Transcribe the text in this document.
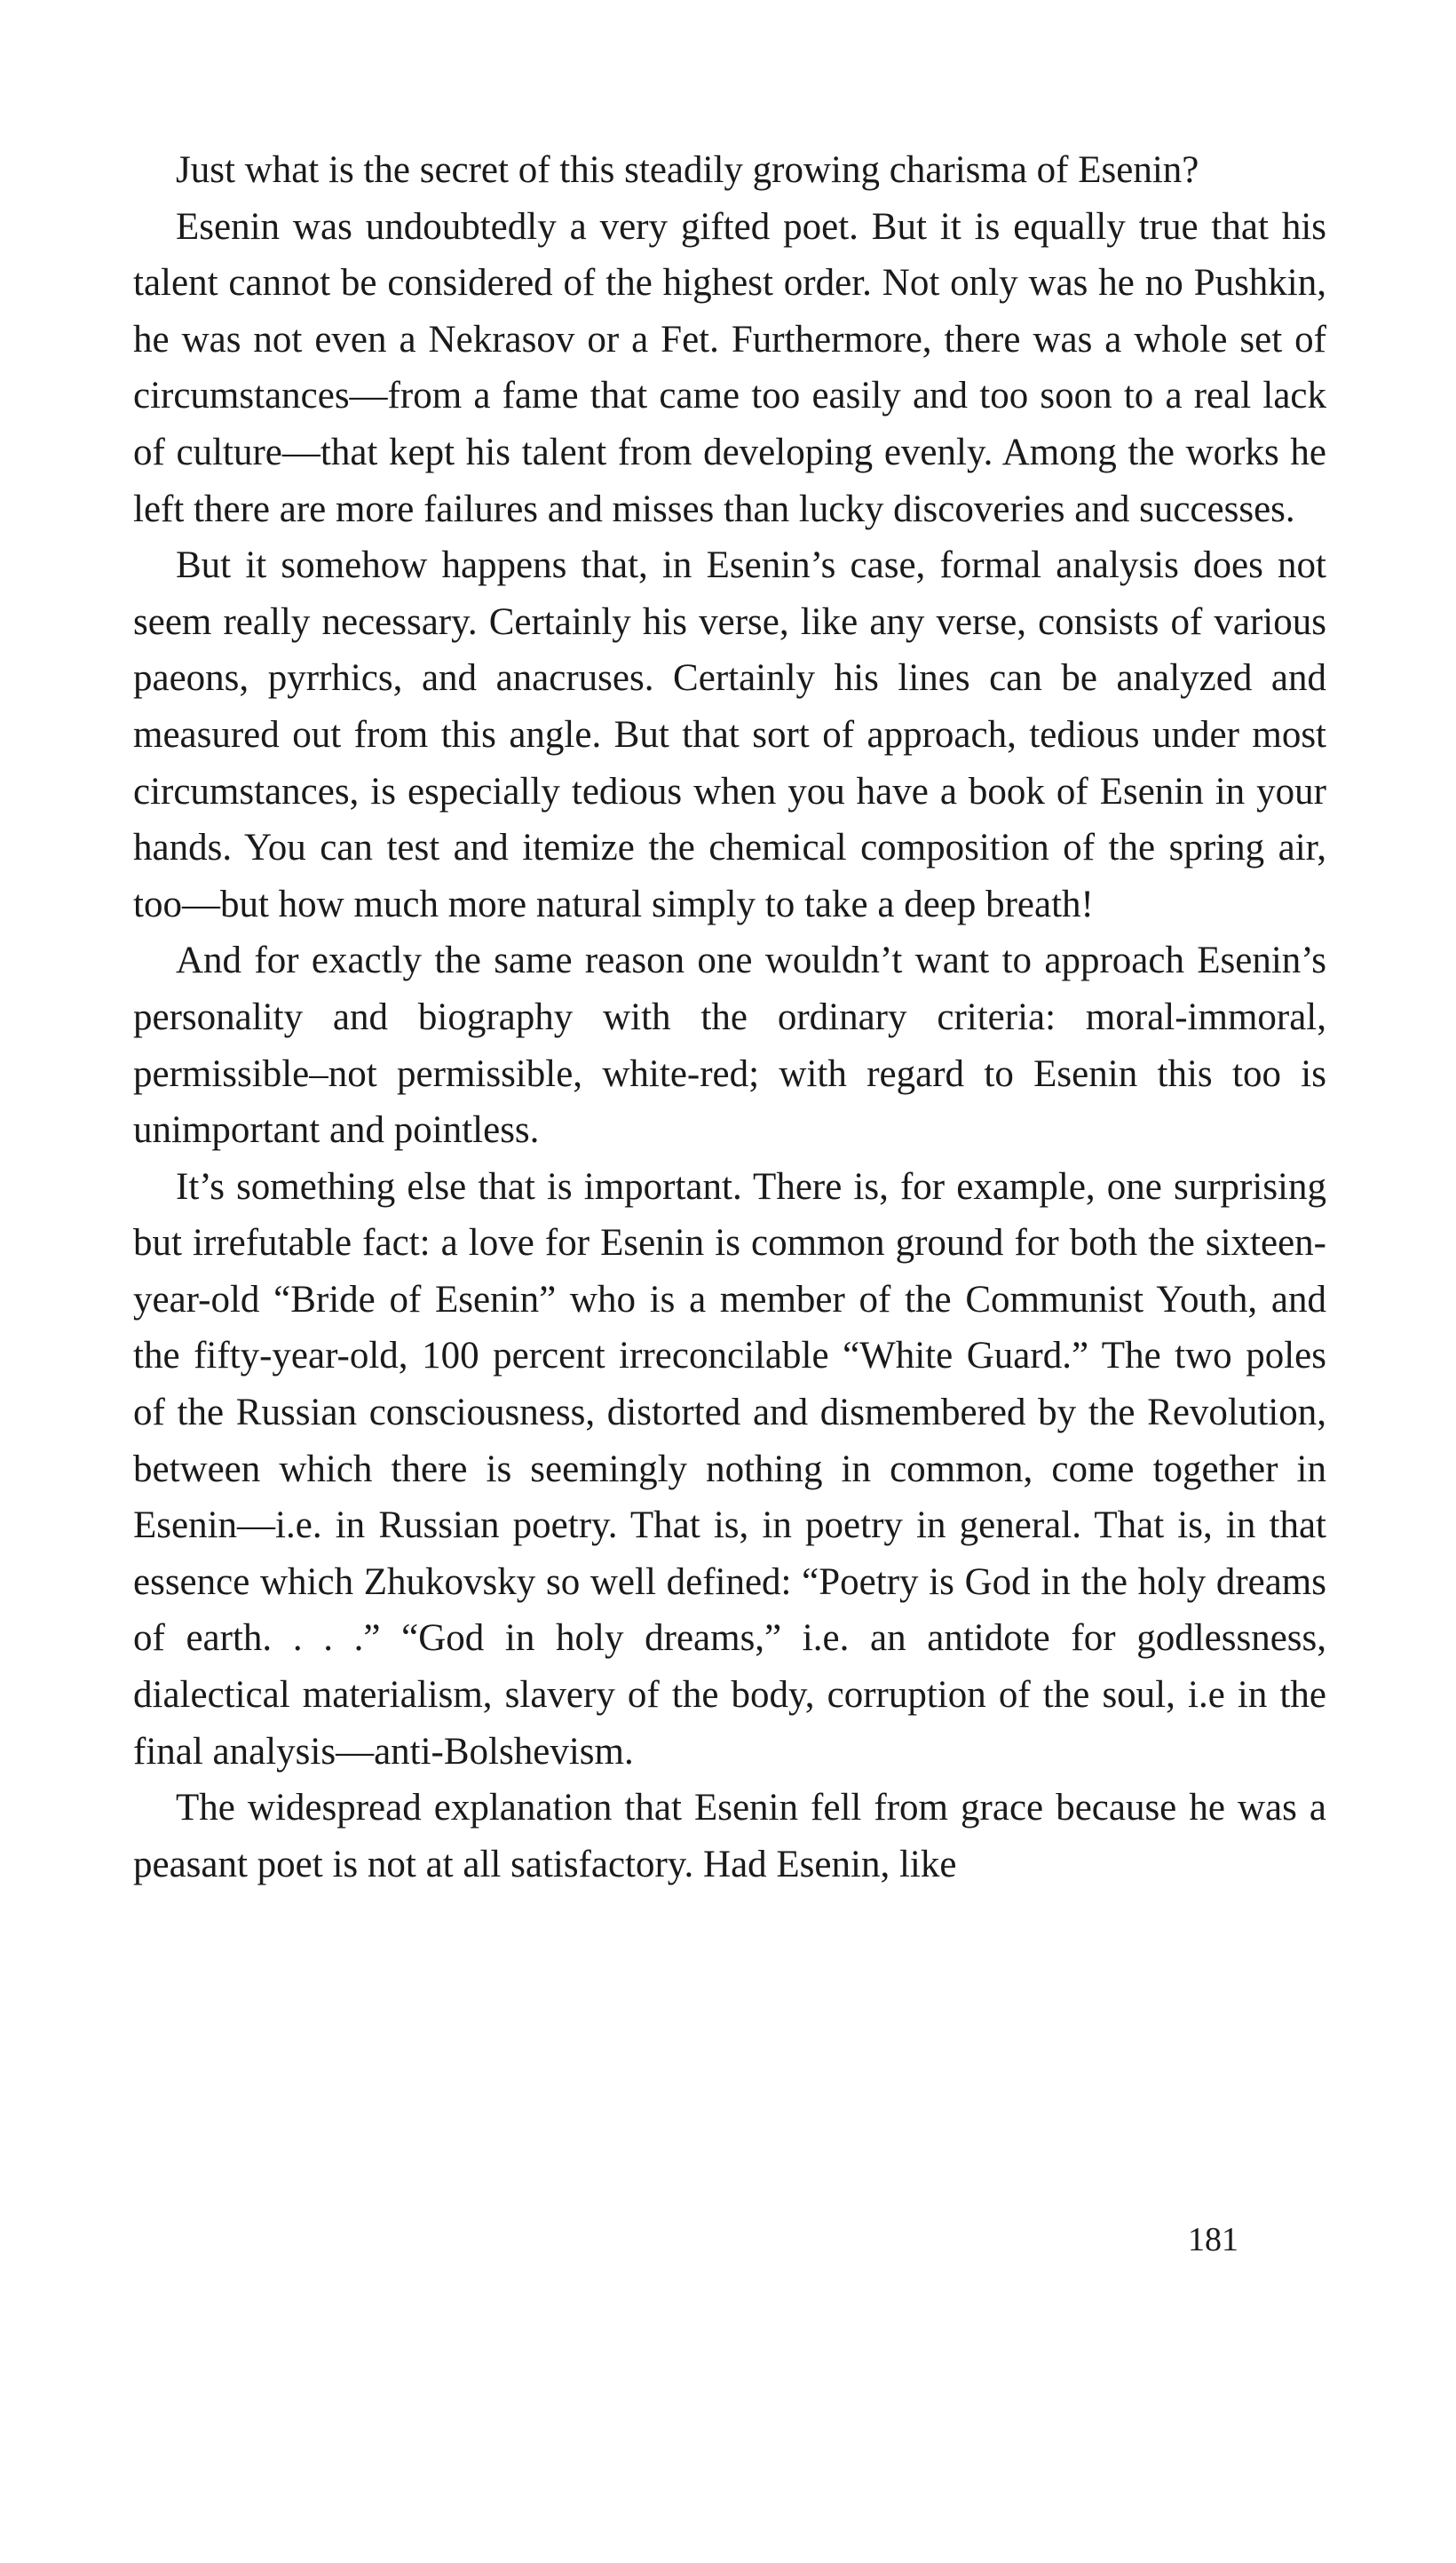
Just what is the secret of this steadily growing charisma of Esenin?

Esenin was undoubtedly a very gifted poet. But it is equally true that his talent cannot be considered of the highest order. Not only was he no Pushkin, he was not even a Nekrasov or a Fet. Furthermore, there was a whole set of circumstances—from a fame that came too easily and too soon to a real lack of culture—that kept his talent from developing evenly. Among the works he left there are more failures and misses than lucky discoveries and successes.

But it somehow happens that, in Esenin’s case, formal analysis does not seem really necessary. Certainly his verse, like any verse, consists of various paeons, pyrrhics, and anacruses. Certainly his lines can be analyzed and measured out from this angle. But that sort of approach, tedious under most circumstances, is especially tedious when you have a book of Esenin in your hands. You can test and itemize the chemical composition of the spring air, too—but how much more natural simply to take a deep breath!

And for exactly the same reason one wouldn’t want to approach Esenin’s personality and biography with the ordinary criteria: moral-immoral, permissible–not permissible, white-red; with regard to Esenin this too is unimportant and pointless.

It’s something else that is important. There is, for example, one surprising but irrefutable fact: a love for Esenin is common ground for both the sixteen-year-old “Bride of Esenin” who is a member of the Communist Youth, and the fifty-year-old, 100 percent irreconcilable “White Guard.” The two poles of the Russian consciousness, distorted and dismembered by the Revolution, between which there is seemingly nothing in common, come together in Esenin—i.e. in Russian poetry. That is, in poetry in general. That is, in that essence which Zhukovsky so well defined: “Poetry is God in the holy dreams of earth. . . .” “God in holy dreams,” i.e. an antidote for godlessness, dialectical materialism, slavery of the body, corruption of the soul, i.e in the final analysis—anti-Bolshevism.

The widespread explanation that Esenin fell from grace because he was a peasant poet is not at all satisfactory. Had Esenin, like

181
